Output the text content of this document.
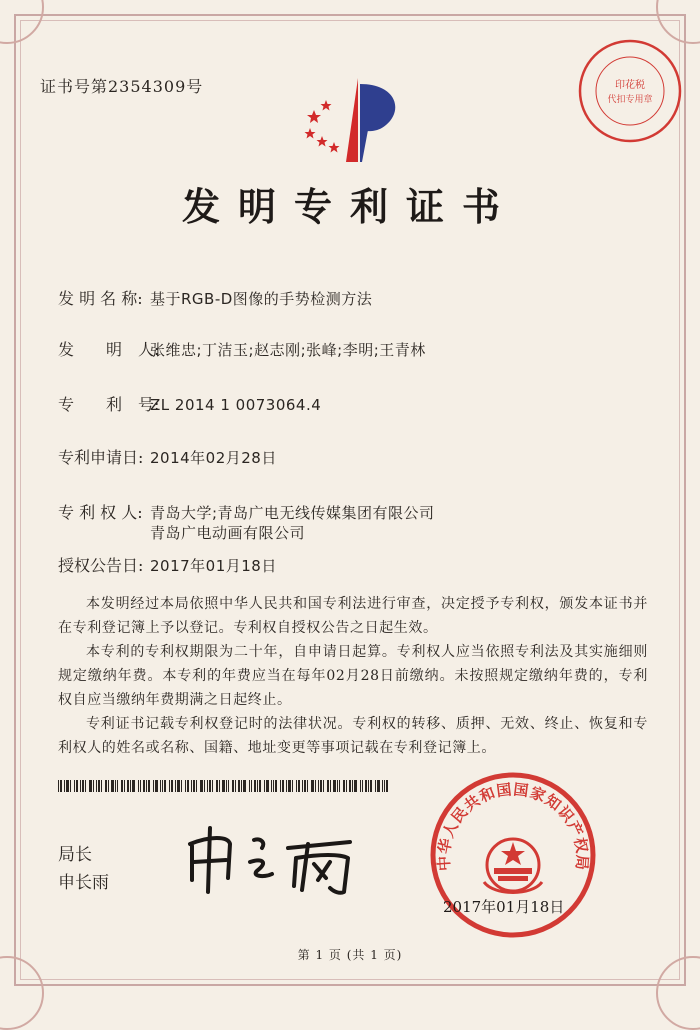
证书号第2354309号	印花税
代扣专用章
发明专利证书
发 明 名 称: 基于RGB-D图像的手势检测方法
发　　明　人:张维忠;丁洁玉;赵志刚;张峰;李明;王青林
专　　利　号:ZL 2014 1 0073064.4
专利申请日: 2014年02月28日
专 利 权 人: 青岛大学;青岛广电无线传媒集团有限公司
青岛广电动画有限公司
授权公告日: 2017年01月18日

本发明经过本局依照中华人民共和国专利法进行审查，决定授予专利权，颁发本证书并在专利登记簿上予以登记。专利权自授权公告之日起生效。

本专利的专利权期限为二十年，自申请日起算。专利权人应当依照专利法及其实施细则规定缴纳年费。本专利的年费应当在每年02月28日前缴纳。未按照规定缴纳年费的，专利权自应当缴纳年费期满之日起终止。

专利证书记载专利权登记时的法律状况。专利权的转移、质押、无效、终止、恢复和专利权人的姓名或名称、国籍、地址变更等事项记载在专利登记簿上。

局长
申长雨
中华人民共和国国家知识产权局
2017年01月18日
第 1 页 (共 1 页)
